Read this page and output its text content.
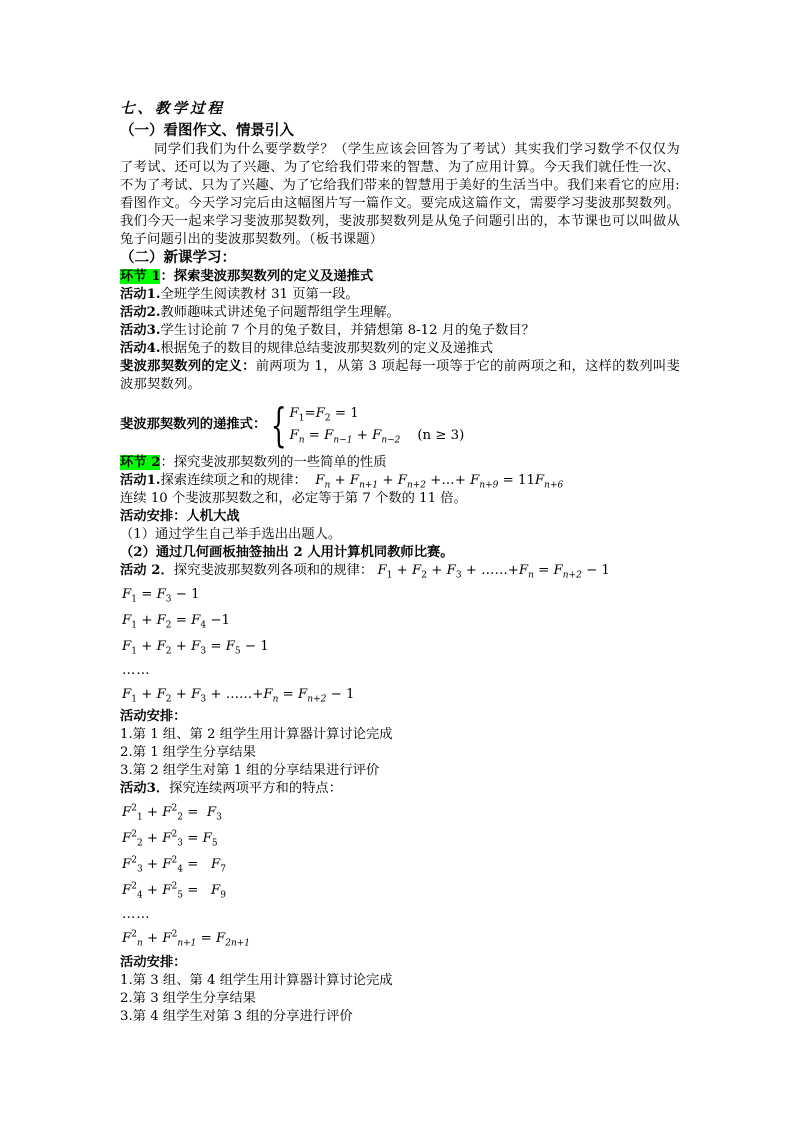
七、教学过程
（一）看图作文、情景引入

同学们我们为什么要学数学？（学生应该会回答为了考试）其实我们学习数学不仅仅为了考试、还可以为了兴趣、为了它给我们带来的智慧、为了应用计算。今天我们就任性一次、不为了考试、只为了兴趣、为了它给我们带来的智慧用于美好的生活当中。我们来看它的应用: 看图作文。今天学习完后由这幅图片写一篇作文。要完成这篇作文，需要学习斐波那契数列。我们今天一起来学习斐波那契数列，斐波那契数列是从兔子问题引出的，本节课也可以叫做从兔子问题引出的斐波那契数列。（板书课题）

（二）新课学习：
环节 1：探索斐波那契数列的定义及递推式
活动1.全班学生阅读教材 31 页第一段。
活动2.教师趣味式讲述兔子问题帮组学生理解。
活动3.学生讨论前 7 个月的兔子数目，并猜想第 8-12 月的兔子数目？
活动4.根据兔子的数目的规律总结斐波那契数列的定义及递推式

斐波那契数列的定义：前两项为 1，从第 3 项起每一项等于它的前两项之和，这样的数列叫斐波那契数列。

斐波那契数列的递推式： { $F_1=F_2 = 1$
$F_n = F_{n-1} + F_{n-2}$ (n ≥ 3)
环节 2：探究斐波那契数列的一些简单的性质
活动1.探索连续项之和的规律：  $F_n + F_{n+1} + F_{n+2}$ +…+ $F_{n+9} = 11F_{n+6}$
连续 10 个斐波那契数之和，必定等于第 7 个数的 11 倍。
活动安排：人机大战
（1）通过学生自己举手选出出题人。
（2）通过几何画板抽签抽出 2 人用计算机同教师比赛。
活动 2．探究斐波那契数列各项和的规律： $F_1 + F_2 + F_3$ + $\dots\dots+F_n = F_{n+2} - 1$
$F_1 = F_3 - 1$
$F_1 + F_2 = F_4 -1$
$F_1 + F_2 + F_3 = F_5 - 1$
……
$F_1 + F_2 + F_3$ + $\dots\dots+F_n = F_{n+2} - 1$
活动安排：
1.第 1 组、第 2 组学生用计算器计算讨论完成
2.第 1 组学生分享结果
3.第 2 组学生对第 1 组的分享结果进行评价
活动3．探究连续两项平方和的特点：
$F^2_1 + F^2_2 = F_3$
$F^2_2 + F^2_3 = F_5$
$F^2_3 + F^2_4 = F_7$
$F^2_4 + F^2_5 = F_9$
……
$F^2_n + F^2_{n+1} = F_{2n+1}$
活动安排：
1.第 3 组、第 4 组学生用计算器计算讨论完成
2.第 3 组学生分享结果
3.第 4 组学生对第 3 组的分享进行评价
